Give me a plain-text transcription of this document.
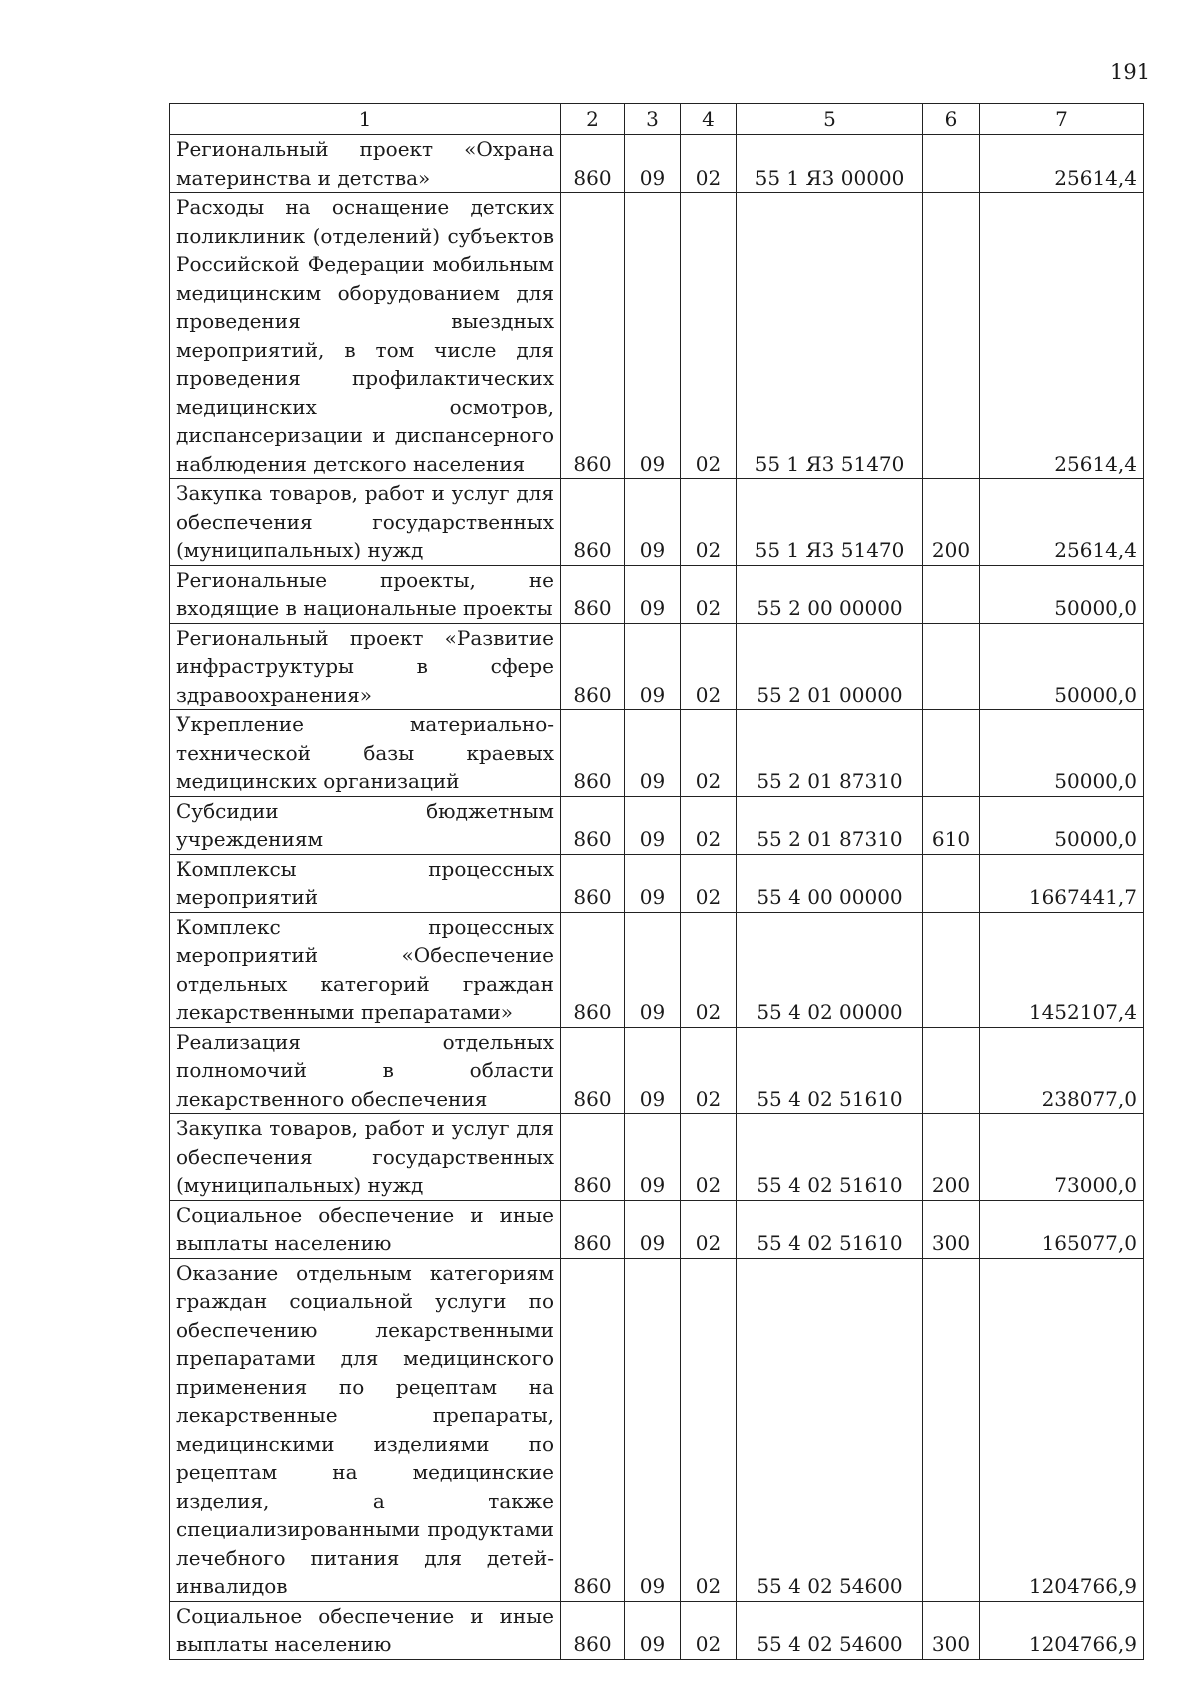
191
1	2	3	4	5	6	7
Региональный проект «Охрана материнства и детства»	860	09	02	55 1 Я3 00000		25614,4
Расходы на оснащение детских поликлиник (отделений) субъектов Российской Федерации мобильным медицинским оборудованием для проведения выездных мероприятий, в том числе для проведения профилактических медицинских осмотров, диспансеризации и диспансерного наблюдения детского населения	860	09	02	55 1 Я3 51470		25614,4
Закупка товаров, работ и услуг для обеспечения государственных (муниципальных) нужд	860	09	02	55 1 Я3 51470	200	25614,4
Региональные проекты, не входящие в национальные проекты	860	09	02	55 2 00 00000		50000,0
Региональный проект «Развитие инфраструктуры в сфере здравоохранения»	860	09	02	55 2 01 00000		50000,0
Укрепление материально-технической базы краевых медицинских организаций	860	09	02	55 2 01 87310		50000,0
Субсидии бюджетным учреждениям	860	09	02	55 2 01 87310	610	50000,0
Комплексы процессных мероприятий	860	09	02	55 4 00 00000		1667441,7
Комплекс процессных мероприятий «Обеспечение отдельных категорий граждан лекарственными препаратами»	860	09	02	55 4 02 00000		1452107,4
Реализация отдельных полномочий в области лекарственного обеспечения	860	09	02	55 4 02 51610		238077,0
Закупка товаров, работ и услуг для обеспечения государственных (муниципальных) нужд	860	09	02	55 4 02 51610	200	73000,0
Социальное обеспечение и иные выплаты населению	860	09	02	55 4 02 51610	300	165077,0
Оказание отдельным категориям граждан социальной услуги по обеспечению лекарственными препаратами для медицинского применения по рецептам на лекарственные препараты, медицинскими изделиями по рецептам на медицинские изделия, а также специализированными продуктами лечебного питания для детей-инвалидов	860	09	02	55 4 02 54600		1204766,9
Социальное обеспечение и иные выплаты населению	860	09	02	55 4 02 54600	300	1204766,9
